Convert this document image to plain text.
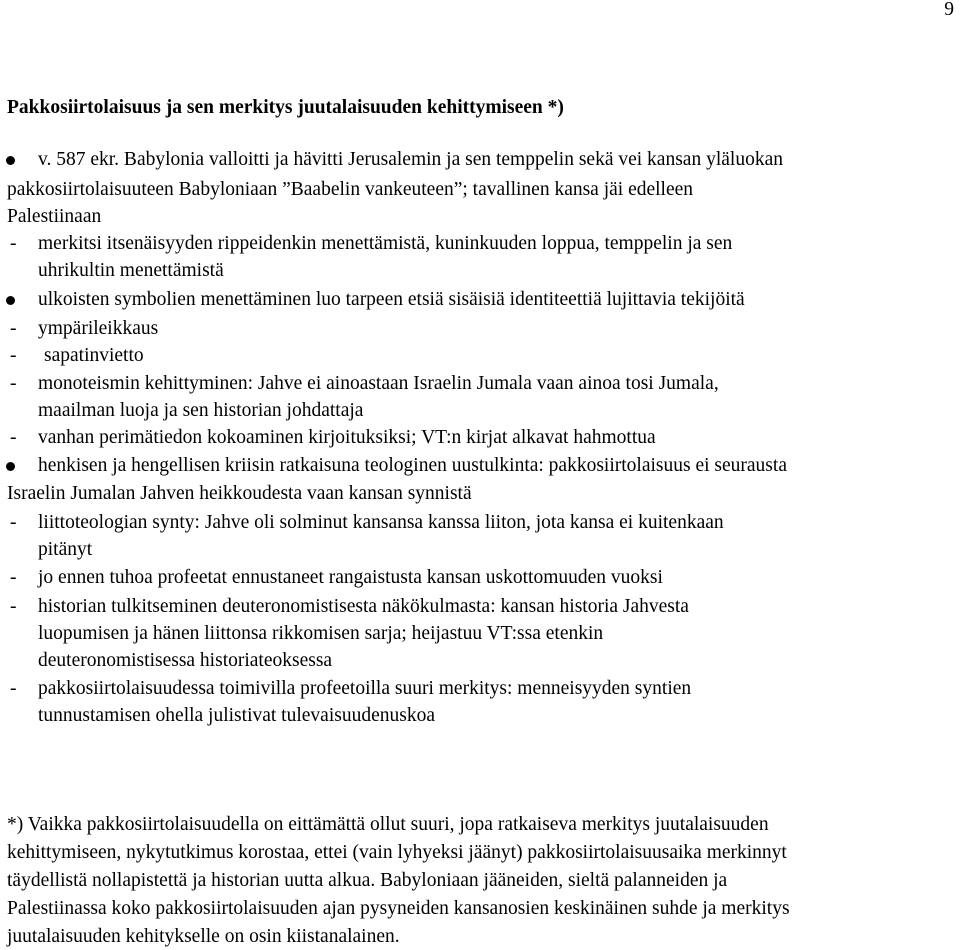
9
Pakkosiirtolaisuus ja sen merkitys juutalaisuuden kehittymiseen *)
v. 587 ekr. Babylonia valloitti ja hävitti Jerusalemin ja sen temppelin sekä vei kansan yläluokan
pakkosiirtolaisuuteen Babyloniaan ”Baabelin vankeuteen”; tavallinen kansa jäi edelleen
Palestiinaan
- merkitsi itsenäisyyden rippeidenkin menettämistä, kuninkuuden loppua, temppelin ja sen
uhrikultin menettämistä
ulkoisten symbolien menettäminen luo tarpeen etsiä sisäisiä identiteettiä lujittavia tekijöitä
- ympärileikkaus
- sapatinvietto
- monoteismin kehittyminen: Jahve ei ainoastaan Israelin Jumala vaan ainoa tosi Jumala,
maailman luoja ja sen historian johdattaja
- vanhan perimätiedon kokoaminen kirjoituksiksi; VT:n kirjat alkavat hahmottua
henkisen ja hengellisen kriisin ratkaisuna teologinen uustulkinta: pakkosiirtolaisuus ei seurausta
Israelin Jumalan Jahven heikkoudesta vaan kansan synnistä
- liittoteologian synty: Jahve oli solminut kansansa kanssa liiton, jota kansa ei kuitenkaan
pitänyt
- jo ennen tuhoa profeetat ennustaneet rangaistusta kansan uskottomuuden vuoksi
- historian tulkitseminen deuteronomistisesta näkökulmasta: kansan historia Jahvesta
luopumisen ja hänen liittonsa rikkomisen sarja; heijastuu VT:ssa etenkin
deuteronomistisessa historiateoksessa
- pakkosiirtolaisuudessa toimivilla profeetoilla suuri merkitys: menneisyyden syntien
tunnustamisen ohella julistivat tulevaisuudenuskoa
*) Vaikka pakkosiirtolaisuudella on eittämättä ollut suuri, jopa ratkaiseva merkitys juutalaisuuden
kehittymiseen, nykytutkimus korostaa, ettei (vain lyhyeksi jäänyt) pakkosiirtolaisuusaika merkinnyt
täydellistä nollapistettä ja historian uutta alkua. Babyloniaan jääneiden, sieltä palanneiden ja
Palestiinassa koko pakkosiirtolaisuuden ajan pysyneiden kansanosien keskinäinen suhde ja merkitys
juutalaisuuden kehitykselle on osin kiistanalainen.
